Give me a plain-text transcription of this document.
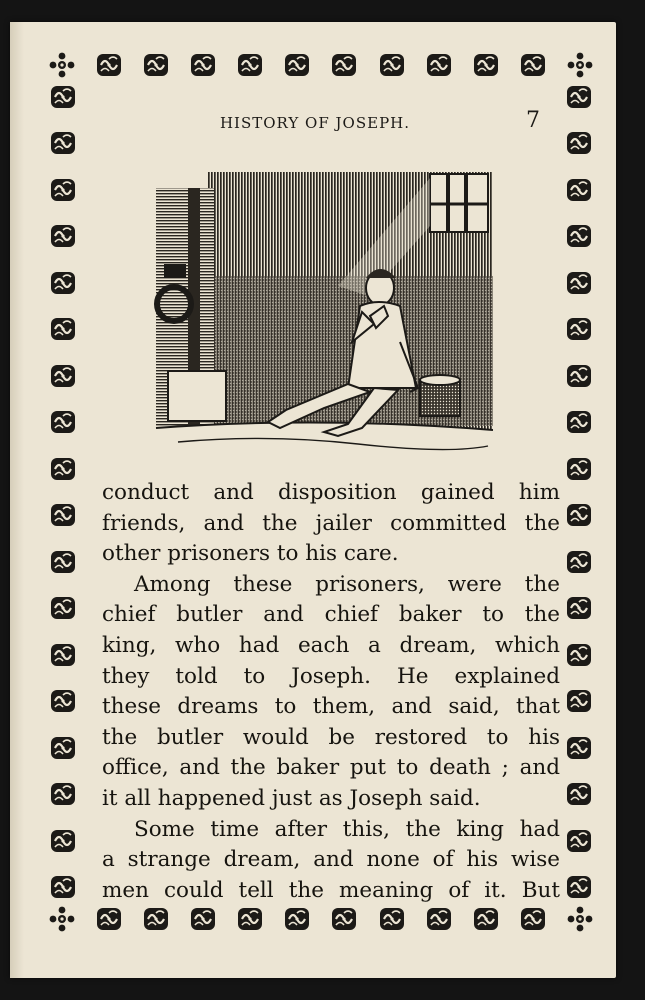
HISTORY OF JOSEPH.	7
conduct and disposition gained him
friends, and the jailer committed the
other prisoners to his care.
Among these prisoners, were the
chief butler and chief baker to the
king, who had each a dream, which
they told to Joseph. He explained
these dreams to them, and said, that
the butler would be restored to his
office, and the baker put to death ; and
it all happened just as Joseph said.
Some time after this, the king had
a strange dream, and none of his wise
men could tell the meaning of it. But
